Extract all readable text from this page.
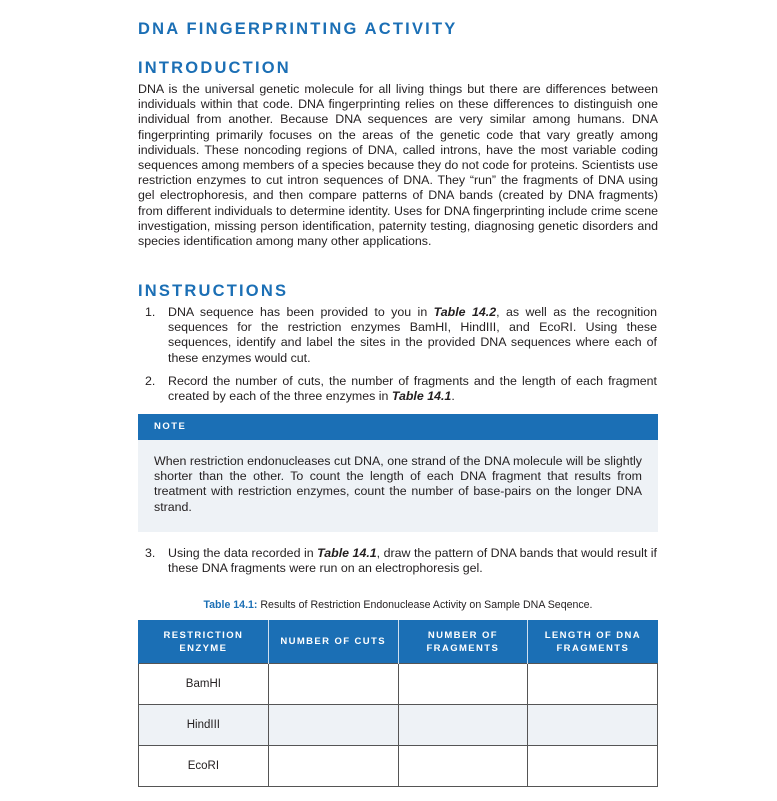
DNA FINGERPRINTING ACTIVITY
INTRODUCTION

DNA is the universal genetic molecule for all living things but there are differences between individuals within that code. DNA fingerprinting relies on these differences to distinguish one individual from another. Because DNA sequences are very similar among humans. DNA fingerprinting primarily focuses on the areas of the genetic code that vary greatly among individuals. These noncoding regions of DNA, called introns, have the most variable coding sequences among members of a species because they do not code for proteins. Scientists use restriction enzymes to cut intron sequences of DNA. They “run” the fragments of DNA using gel electrophoresis, and then compare patterns of DNA bands (created by DNA fragments) from different individuals to determine identity. Uses for DNA fingerprinting include crime scene investigation, missing person identification, paternity testing, diagnosing genetic disorders and species identification among many other applications.

INSTRUCTIONS
1.	DNA sequence has been provided to you in Table 14.2, as well as the recognition sequences for the restriction enzymes BamHI, HindIII, and EcoRI. Using these sequences, identify and label the sites in the provided DNA sequences where each of these enzymes would cut.
2.	Record the number of cuts, the number of fragments and the length of each fragment created by each of the three enzymes in Table 14.1.
NOTE

When restriction endonucleases cut DNA, one strand of the DNA molecule will be slightly shorter than the other. To count the length of each DNA fragment that results from treatment with restriction enzymes, count the number of base-pairs on the longer DNA strand.

3.	Using the data recorded in Table 14.1, draw the pattern of DNA bands that would result if these DNA fragments were run on an electrophoresis gel.
Table 14.1: Results of Restriction Endonuclease Activity on Sample DNA Seqence.
RESTRICTION ENZYME	NUMBER OF CUTS	NUMBER OF FRAGMENTS	LENGTH OF DNA FRAGMENTS
BamHI			
HindIII			
EcoRI			
